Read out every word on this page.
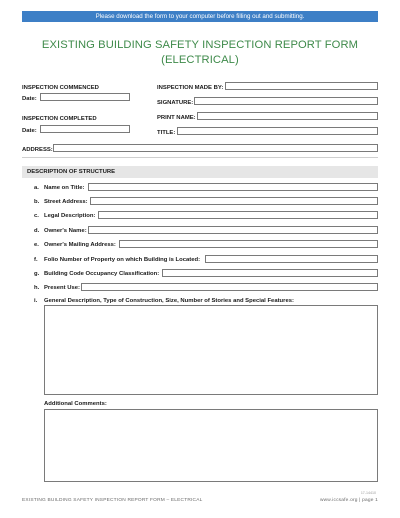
Please download the form to your computer before filling out and submitting.
EXISTING BUILDING SAFETY INSPECTION REPORT FORM
(ELECTRICAL)
INSPECTION COMMENCED
Date:
INSPECTION COMPLETED
Date:
INSPECTION MADE BY:
SIGNATURE:
PRINT NAME:
TITLE:
ADDRESS:
DESCRIPTION OF STRUCTURE
a. Name on Title:
b. Street Address:
c. Legal Description:
d. Owner's Name:
e. Owner's Mailing Address:
f. Folio Number of Property on which Building is Located:
g. Building Code Occupancy Classification:
h. Present Use:
i. General Description, Type of Construction, Size, Number of Stories and Special Features:
Additional Comments:
17-14410
EXISTING BUILDING SAFETY INSPECTION REPORT FORM – ELECTRICAL	www.iccsafe.org | page 1
